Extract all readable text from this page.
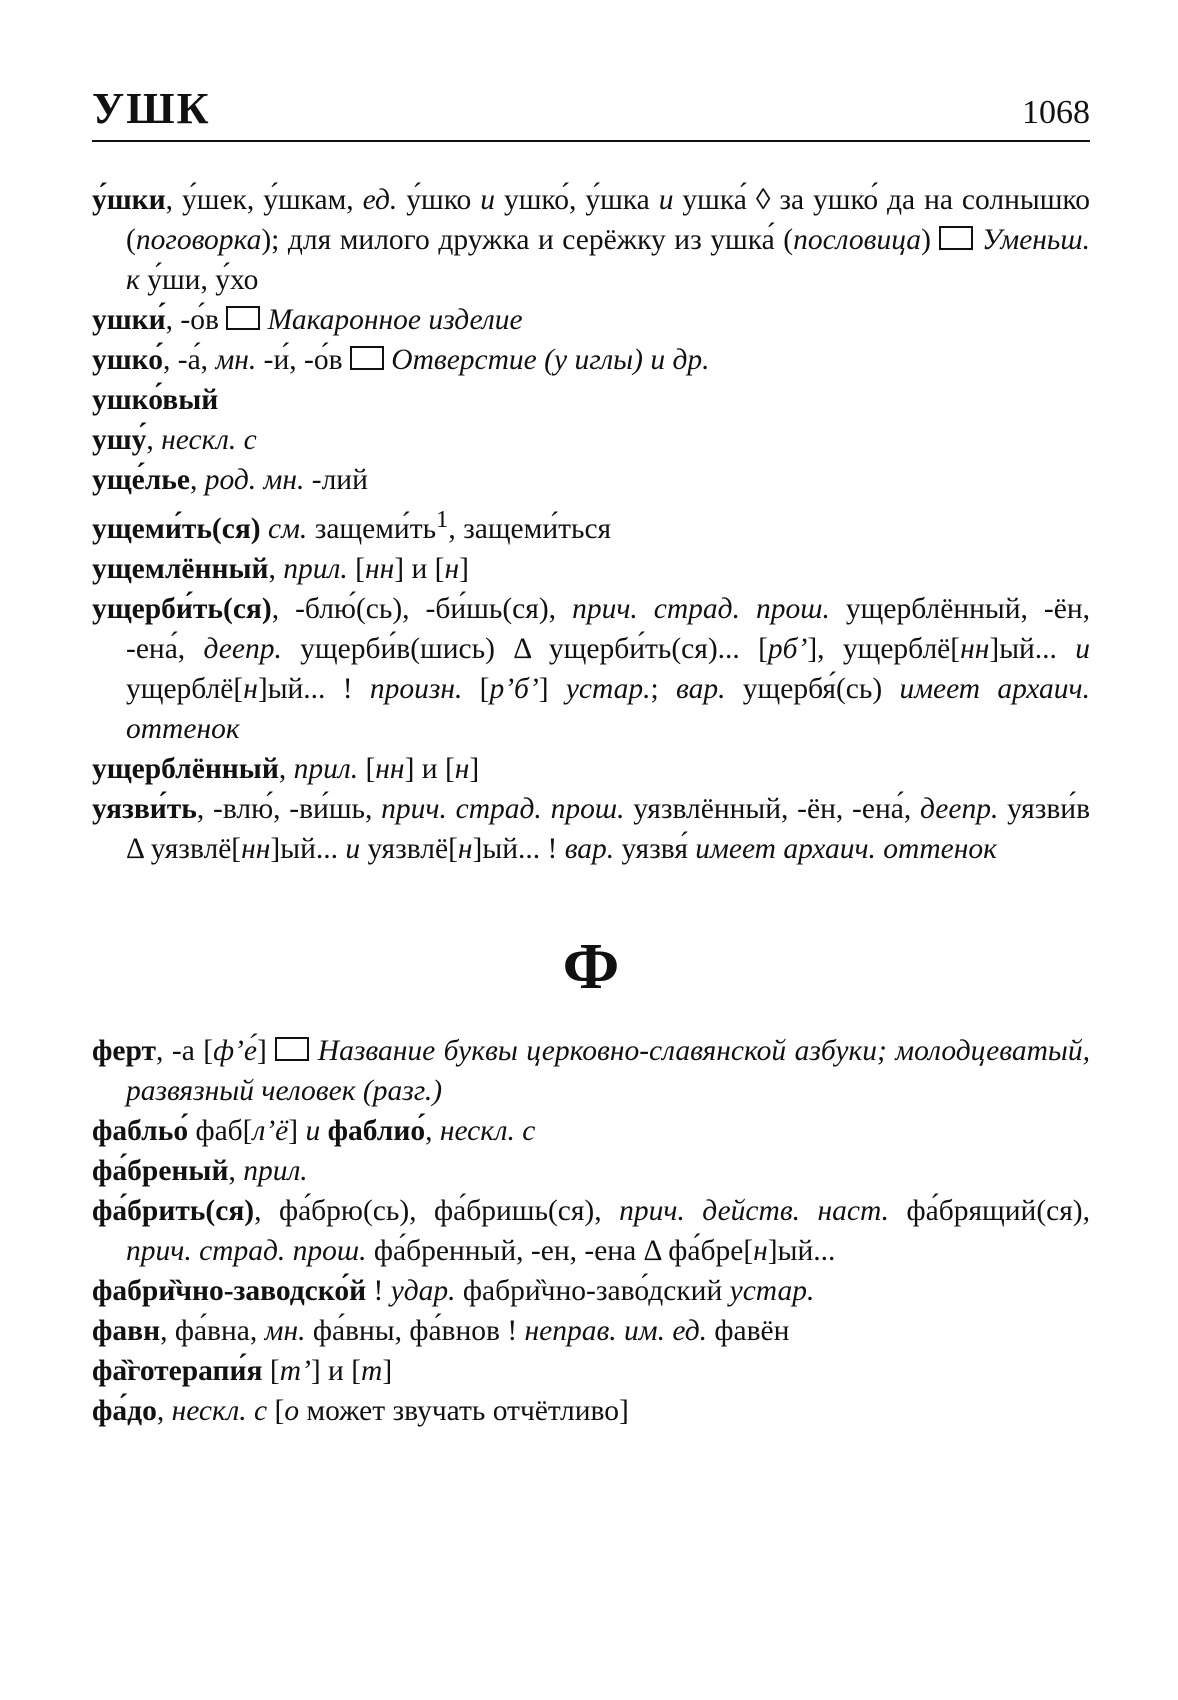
УШК	1068

у́шки, у́шек, у́шкам, ед. у́шко и ушко́, у́шка и ушка́ ◊ за ушко́ да на солнышко (поговорка); для милого дружка и серёжку из ушка́ (пословица)  Уменьш. к у́ши, у́хо

ушки́, -о́в  Макаронное изделие

ушко́, -а́, мн. -и́, -о́в  Отверстие (у иглы) и др.

ушко́вый

ушу́, нескл. с

уще́лье, род. мн. -лий

ущеми́ть(ся) см. $защеми́ть^1$, защеми́ться

ущемлённый, прил. [нн] и [н]

ущерби́ть(ся), -блю́(сь), -би́шь(ся), прич. страд. прош. ущерблённый, -ён, -ена́, деепр. ущерби́в(шись) Δ ущерби́ть(ся)... [рб’], ущерблё[нн]ый... и ущерблё[н]ый... ! произн. [р’б’] устар.; вар. ущербя́(сь) имеет архаич. оттенок

ущерблённый, прил. [нн] и [н]

уязви́ть, -влю́, -ви́шь, прич. страд. прош. уязвлённый, -ён, -ена́, деепр. уязви́в Δ уязвлё[нн]ый... и уязвлё[н]ый... ! вар. уязвя́ имеет архаич. оттенок

Ф

ферт, -а [ф’е́]  Название буквы церковно-славянской азбуки; молодцеватый, развязный человек (разг.)

фабльо́ фаб[л’ё] и фаблио́, нескл. с

фа́бреный, прил.

фа́брить(ся), фа́брю(сь), фа́бришь(ся), прич. действ. наст. фа́брящий(ся), прич. страд. прош. фа́бренный, -ен, -ена Δ фа́бре[н]ый...

фабри̏чно-заводско́й ! удар. фабри̏чно-заво́дский устар.

фавн, фа́вна, мн. фа́вны, фа́внов ! неправ. им. ед. фавён

фа̏готерапи́я [т’] и [т]

фа́до, нескл. с [о может звучать отчётливо]
